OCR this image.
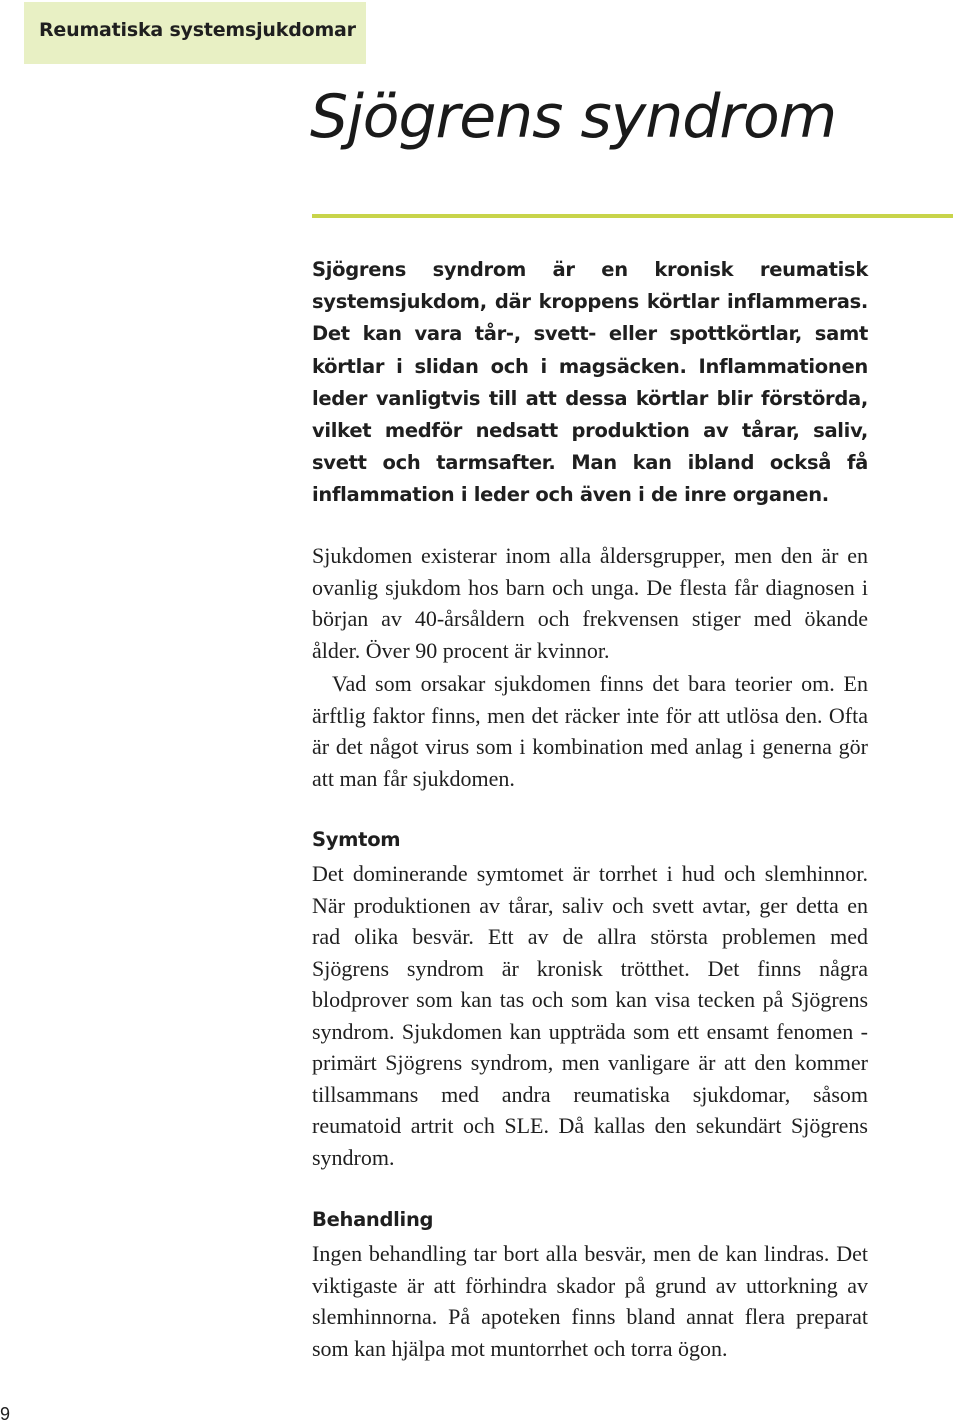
Reumatiska systemsjukdomar
Sjögrens syndrom

Sjögrens syndrom är en kronisk reumatisk systemsjukdom, där kroppens körtlar inflammeras. Det kan vara tår-, svett- eller spottkörtlar, samt körtlar i slidan och i magsäcken. Inflammationen leder vanligtvis till att dessa körtlar blir förstörda, vilket medför nedsatt produktion av tårar, saliv, svett och tarmsafter. Man kan ibland också få inflammation i leder och även i de inre organen.

Sjukdomen existerar inom alla åldersgrupper, men den är en ovanlig sjukdom hos barn och unga. De flesta får diagnosen i början av 40-årsåldern och frekvensen stiger med ökande ålder. Över 90 procent är kvinnor.

Vad som orsakar sjukdomen finns det bara teorier om. En ärftlig faktor finns, men det räcker inte för att utlösa den. Ofta är det något virus som i kombination med anlag i generna gör att man får sjukdomen.

Symtom

Det dominerande symtomet är torrhet i hud och slemhinnor. När produktionen av tårar, saliv och svett avtar, ger detta en rad olika besvär. Ett av de allra största problemen med Sjögrens syndrom är kronisk trötthet. Det finns några blodprover som kan tas och som kan visa tecken på Sjögrens syndrom. Sjukdomen kan uppträda som ett ensamt fenomen - primärt Sjögrens syndrom, men vanligare är att den kommer tillsammans med andra reumatiska sjukdomar, såsom reumatoid artrit och SLE. Då kallas den sekundärt Sjögrens syndrom.

Behandling

Ingen behandling tar bort alla besvär, men de kan lindras. Det viktigaste är att förhindra skador på grund av uttorkning av slemhinnorna. På apoteken finns bland annat flera preparat som kan hjälpa mot muntorrhet och torra ögon.

9
